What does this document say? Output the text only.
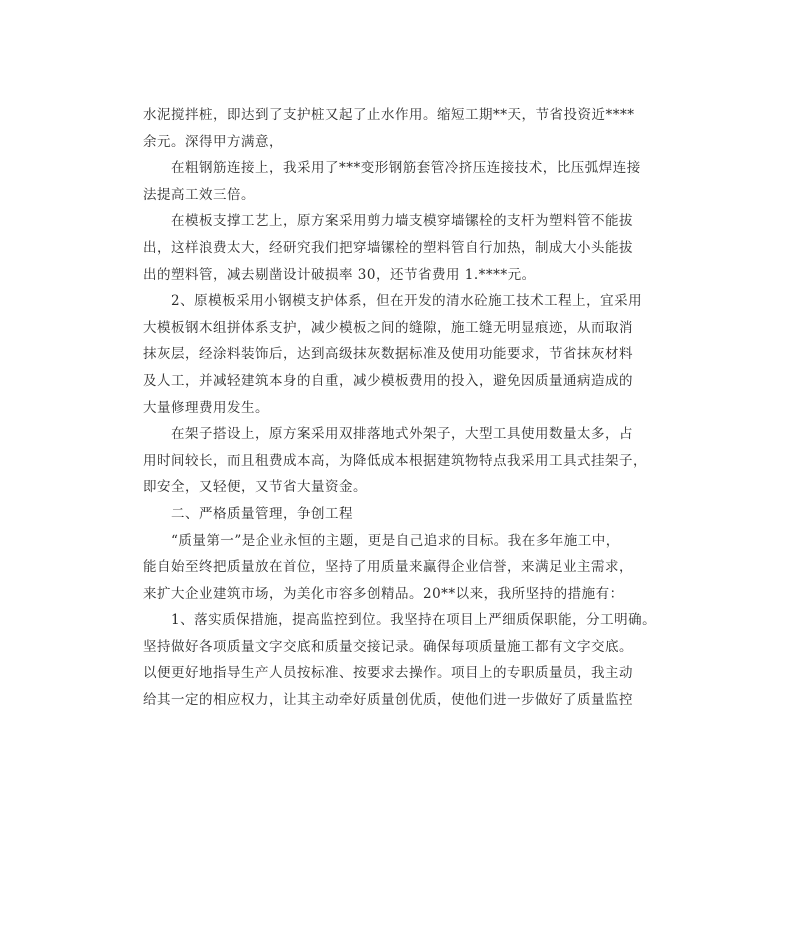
水泥搅拌桩，即达到了支护桩又起了止水作用。缩短工期**天，节省投资近****
余元。深得甲方满意，
在粗钢筋连接上，我采用了***变形钢筋套管冷挤压连接技术，比压弧焊连接
法提高工效三倍。
在模板支撑工艺上，原方案采用剪力墙支模穿墙镙栓的支杆为塑料管不能拔
出，这样浪费太大，经研究我们把穿墙镙栓的塑料管自行加热，制成大小头能拔
出的塑料管，减去剔凿设计破损率 30，还节省费用 1.****元。
2、原模板采用小钢模支护体系，但在开发的清水砼施工技术工程上，宜采用
大模板钢木组拼体系支护，减少模板之间的缝隙，施工缝无明显痕迹，从而取消
抹灰层，经涂料装饰后，达到高级抹灰数据标准及使用功能要求，节省抹灰材料
及人工，并减轻建筑本身的自重，减少模板费用的投入，避免因质量通病造成的
大量修理费用发生。
在架子搭设上，原方案采用双排落地式外架子，大型工具使用数量太多，占
用时间较长，而且租费成本高，为降低成本根据建筑物特点我采用工具式挂架子，
即安全，又轻便，又节省大量资金。
二、严格质量管理，争创工程
“质量第一”是企业永恒的主题，更是自己追求的目标。我在多年施工中，
能自始至终把质量放在首位，坚持了用质量来赢得企业信誉，来满足业主需求，
来扩大企业建筑市场，为美化市容多创精品。20**以来，我所坚持的措施有：
1、落实质保措施，提高监控到位。我坚持在项目上严细质保职能，分工明确。
坚持做好各项质量文字交底和质量交接记录。确保每项质量施工都有文字交底。
以便更好地指导生产人员按标准、按要求去操作。项目上的专职质量员，我主动
给其一定的相应权力，让其主动牵好质量创优质，使他们进一步做好了质量监控
